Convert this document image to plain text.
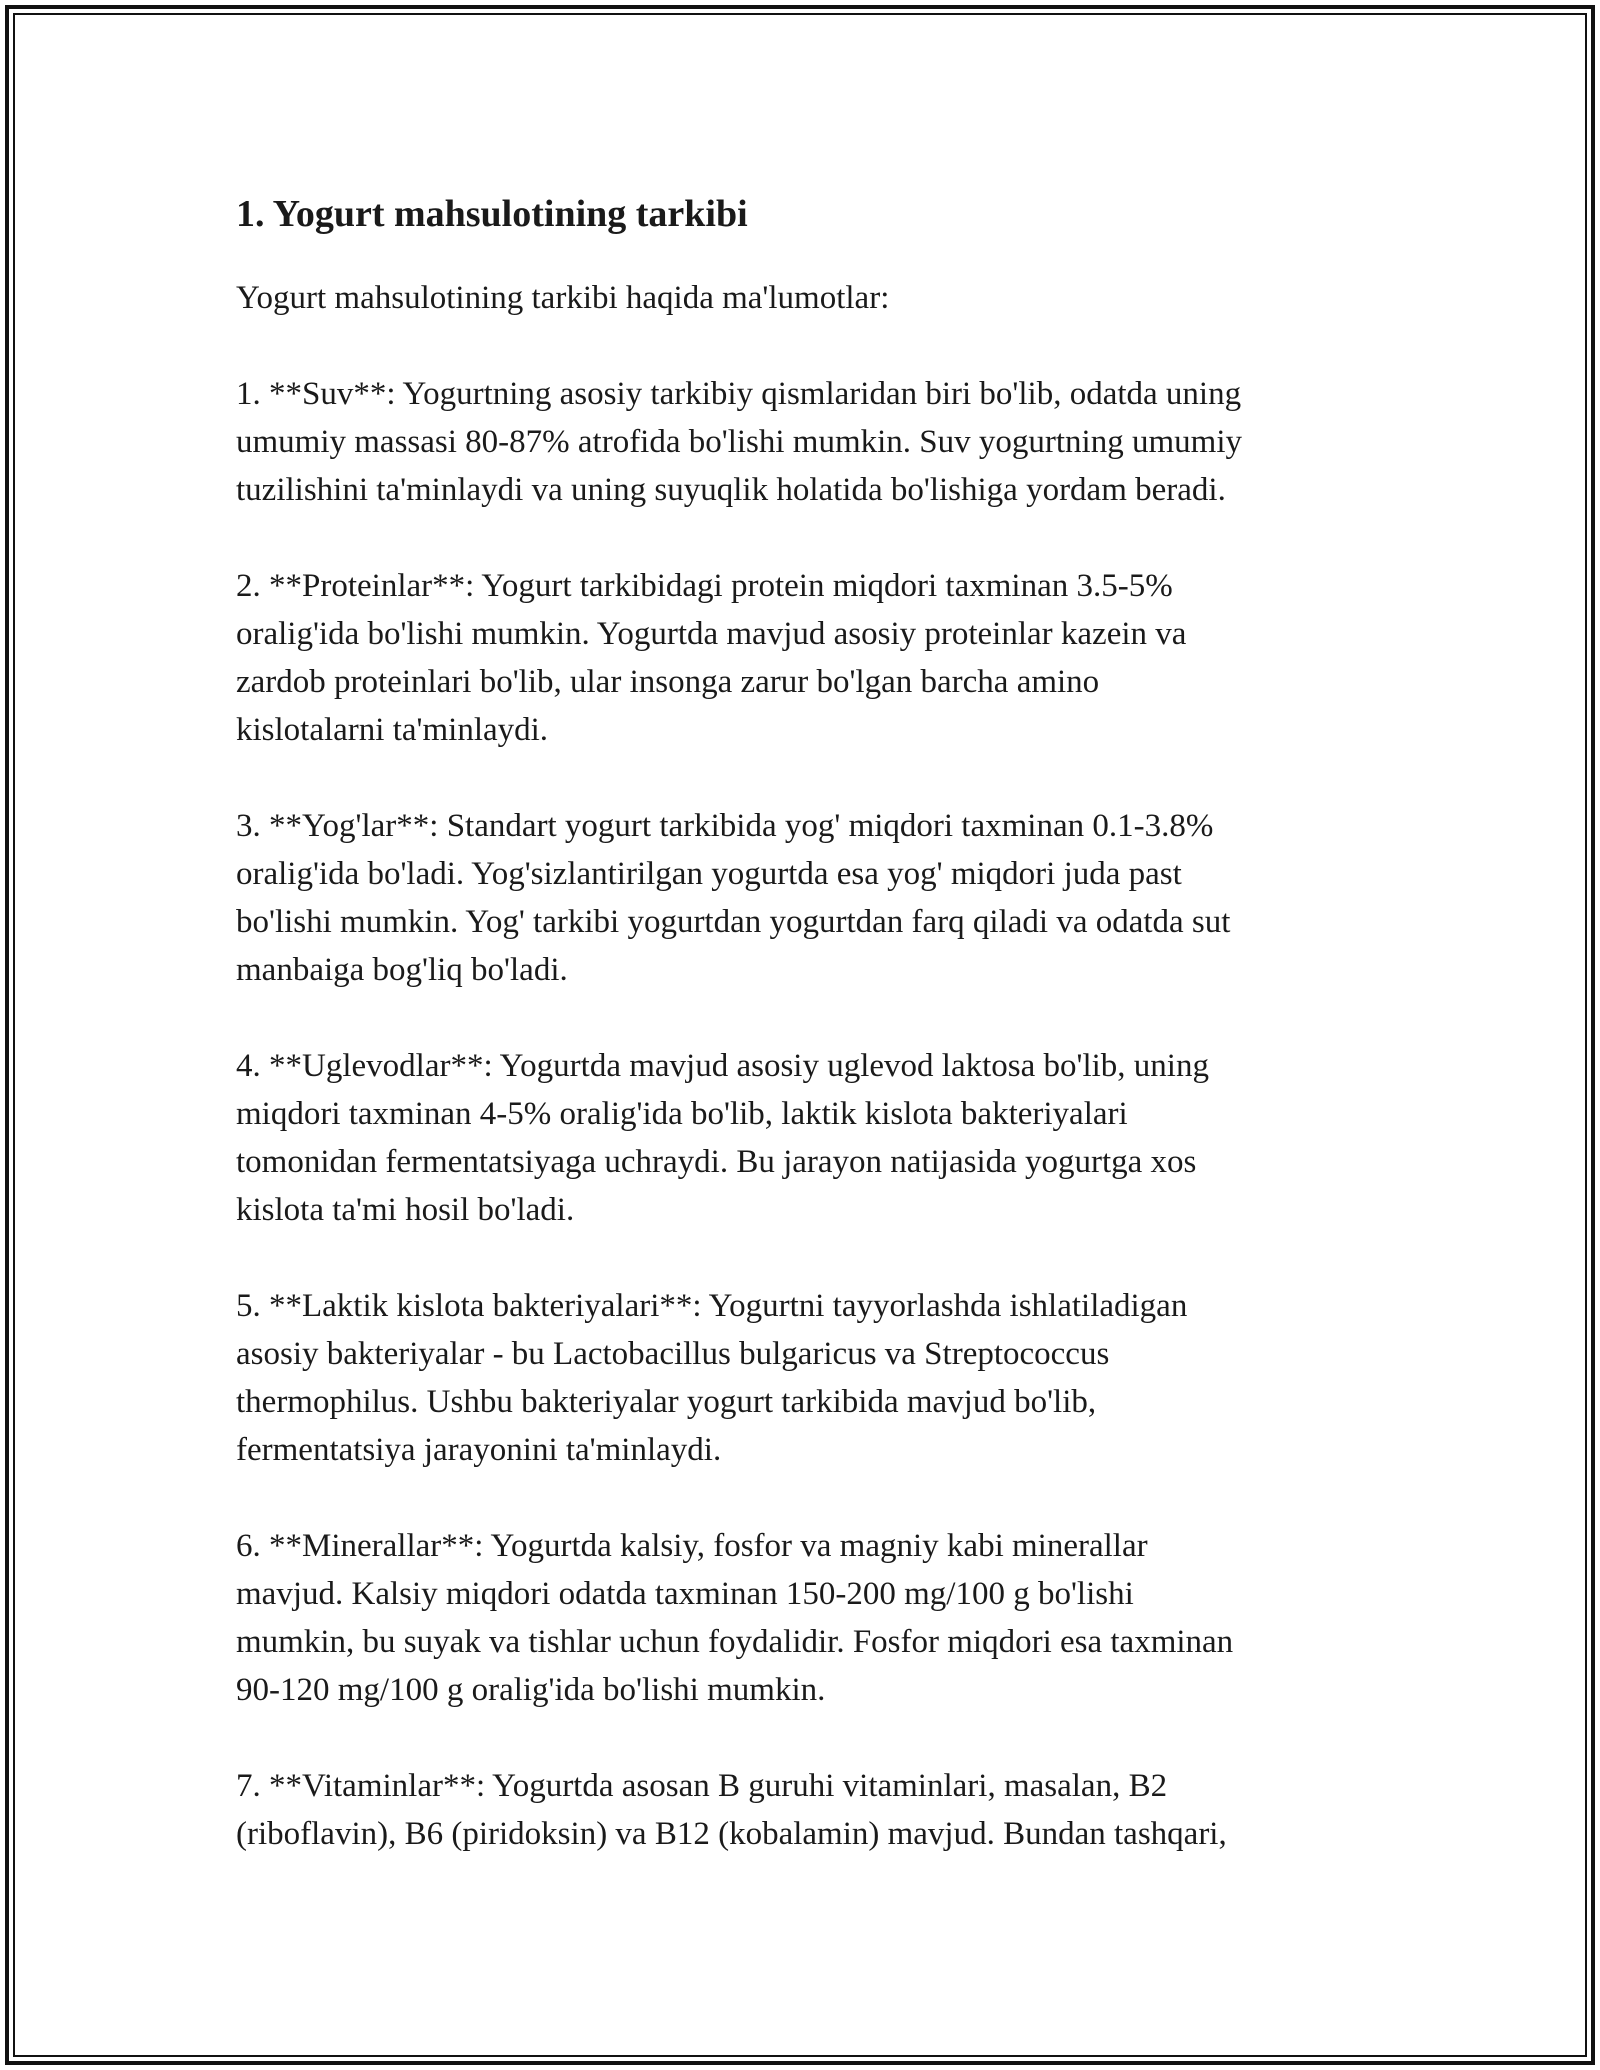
1. Yogurt mahsulotining tarkibi

Yogurt mahsulotining tarkibi haqida ma'lumotlar:

1. **Suv**: Yogurtning asosiy tarkibiy qismlaridan biri bo'lib, odatda uning
umumiy massasi 80-87% atrofida bo'lishi mumkin. Suv yogurtning umumiy
tuzilishini ta'minlaydi va uning suyuqlik holatida bo'lishiga yordam beradi.
2. **Proteinlar**: Yogurt tarkibidagi protein miqdori taxminan 3.5-5%
oralig'ida bo'lishi mumkin. Yogurtda mavjud asosiy proteinlar kazein va
zardob proteinlari bo'lib, ular insonga zarur bo'lgan barcha amino
kislotalarni ta'minlaydi.
3. **Yog'lar**: Standart yogurt tarkibida yog' miqdori taxminan 0.1-3.8%
oralig'ida bo'ladi. Yog'sizlantirilgan yogurtda esa yog' miqdori juda past
bo'lishi mumkin. Yog' tarkibi yogurtdan yogurtdan farq qiladi va odatda sut
manbaiga bog'liq bo'ladi.
4. **Uglevodlar**: Yogurtda mavjud asosiy uglevod laktosa bo'lib, uning
miqdori taxminan 4-5% oralig'ida bo'lib, laktik kislota bakteriyalari
tomonidan fermentatsiyaga uchraydi. Bu jarayon natijasida yogurtga xos
kislota ta'mi hosil bo'ladi.
5. **Laktik kislota bakteriyalari**: Yogurtni tayyorlashda ishlatiladigan
asosiy bakteriyalar - bu Lactobacillus bulgaricus va Streptococcus
thermophilus. Ushbu bakteriyalar yogurt tarkibida mavjud bo'lib,
fermentatsiya jarayonini ta'minlaydi.
6. **Minerallar**: Yogurtda kalsiy, fosfor va magniy kabi minerallar
mavjud. Kalsiy miqdori odatda taxminan 150-200 mg/100 g bo'lishi
mumkin, bu suyak va tishlar uchun foydalidir. Fosfor miqdori esa taxminan
90-120 mg/100 g oralig'ida bo'lishi mumkin.
7. **Vitaminlar**: Yogurtda asosan B guruhi vitaminlari, masalan, B2
(riboflavin), B6 (piridoksin) va B12 (kobalamin) mavjud. Bundan tashqari,
